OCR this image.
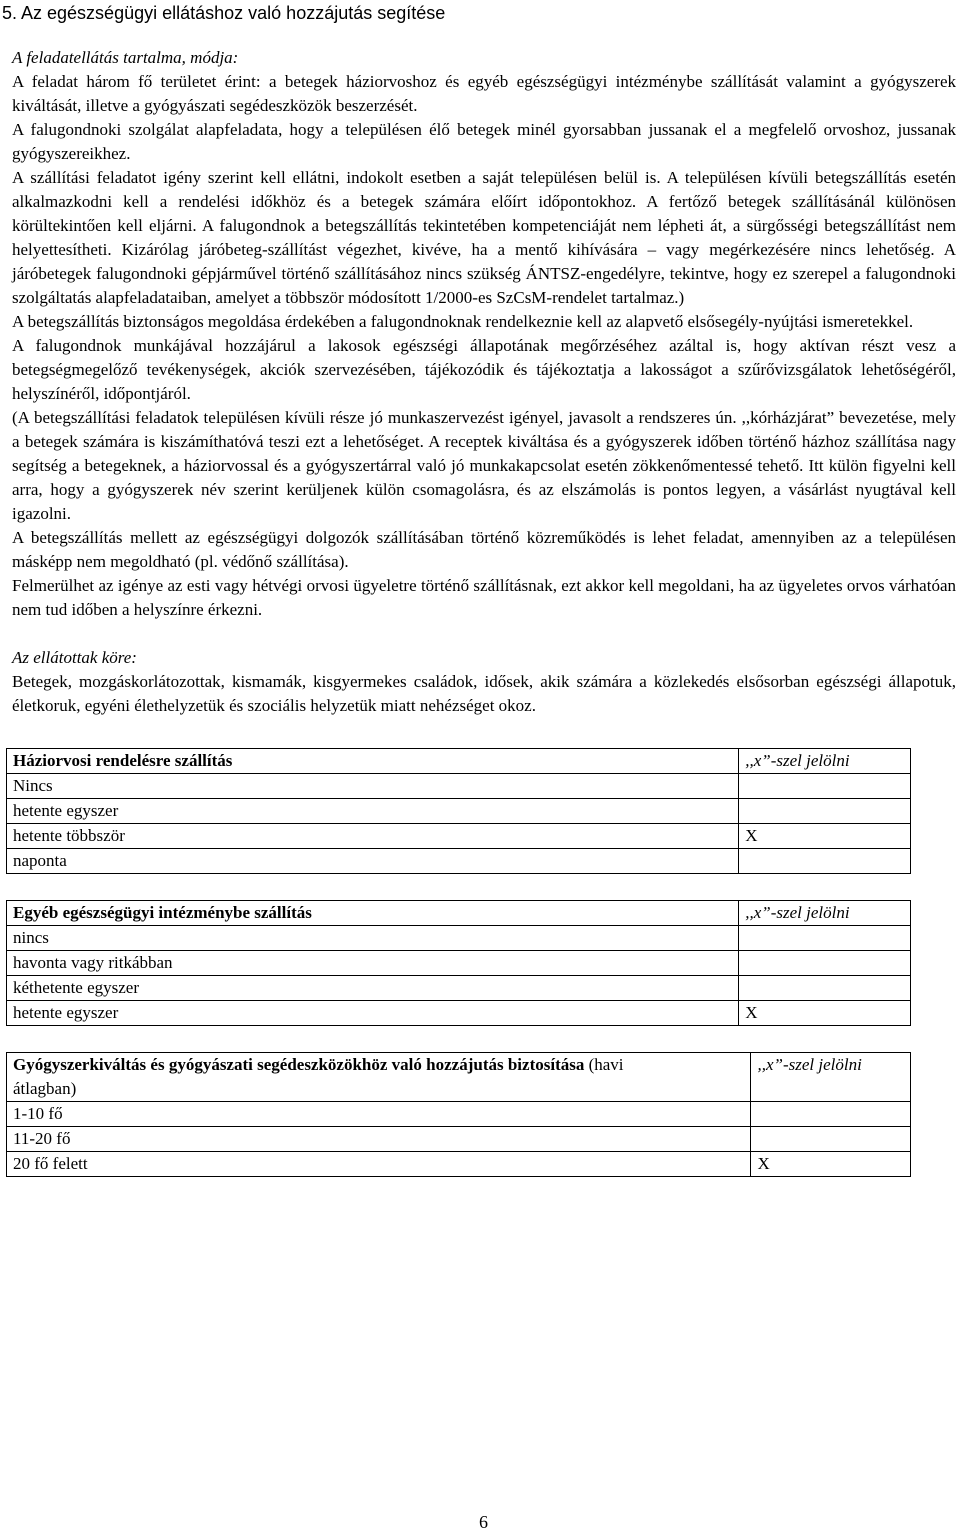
5. Az egészségügyi ellátáshoz való hozzájutás segítése
A feladatellátás tartalma, módja:

A feladat három fő területet érint: a betegek háziorvoshoz és egyéb egészségügyi intézménybe szállítását valamint a gyógyszerek kiváltását, illetve a gyógyászati segédeszközök beszerzését.

A falugondnoki szolgálat alapfeladata, hogy a településen élő betegek minél gyorsabban jussanak el a megfelelő orvoshoz, jussanak gyógyszereikhez.

A szállítási feladatot igény szerint kell ellátni, indokolt esetben a saját településen belül is. A településen kívüli betegszállítás esetén alkalmazkodni kell a rendelési időkhöz és a betegek számára előírt időpontokhoz. A fertőző betegek szállításánál különösen körültekintően kell eljárni. A falugondnok a betegszállítás tekintetében kompetenciáját nem lépheti át, a sürgősségi betegszállítást nem helyettesítheti. Kizárólag járóbeteg-szállítást végezhet, kivéve, ha a mentő kihívására – vagy megérkezésére nincs lehetőség. A járóbetegek falugondnoki gépjárművel történő szállításához nincs szükség ÁNTSZ-engedélyre, tekintve, hogy ez szerepel a falugondnoki szolgáltatás alapfeladataiban, amelyet a többször módosított 1/2000-es SzCsM-rendelet tartalmaz.)

A betegszállítás biztonságos megoldása érdekében a falugondnoknak rendelkeznie kell az alapvető elsősegély-nyújtási ismeretekkel.

A falugondnok munkájával hozzájárul a lakosok egészségi állapotának megőrzéséhez azáltal is, hogy aktívan részt vesz a betegségmegelőző tevékenységek, akciók szervezésében, tájékozódik és tájékoztatja a lakosságot a szűrővizsgálatok lehetőségéről, helyszínéről, időpontjáról.

(A betegszállítási feladatok településen kívüli része jó munkaszervezést igényel, javasolt a rendszeres ún. ,,kórházjárat” bevezetése, mely a betegek számára is kiszámíthatóvá teszi ezt a lehetőséget. A receptek kiváltása és a gyógyszerek időben történő házhoz szállítása nagy segítség a betegeknek, a háziorvossal és a gyógyszertárral való jó munkakapcsolat esetén zökkenőmentessé tehető. Itt külön figyelni kell arra, hogy a gyógyszerek név szerint kerüljenek külön csomagolásra, és az elszámolás is pontos legyen, a vásárlást nyugtával kell igazolni.

A betegszállítás mellett az egészségügyi dolgozók szállításában történő közreműködés is lehet feladat, amennyiben az a településen másképp nem megoldható (pl. védőnő szállítása).

Felmerülhet az igénye az esti vagy hétvégi orvosi ügyeletre történő szállításnak, ezt akkor kell megoldani, ha az ügyeletes orvos várhatóan nem tud időben a helyszínre érkezni.

Az ellátottak köre:

Betegek, mozgáskorlátozottak, kismamák, kisgyermekes családok, idősek, akik számára a közlekedés elsősorban egészségi állapotuk, életkoruk, egyéni élethelyzetük és szociális helyzetük miatt nehézséget okoz.

Háziorvosi rendelésre szállítás	,,x”-szel jelölni
Nincs	
hetente egyszer	
hetente többször	X
naponta	
Egyéb egészségügyi intézménybe szállítás	,,x”-szel jelölni
nincs	
havonta vagy ritkábban	
kéthetente egyszer	
hetente egyszer	X
Gyógyszerkiváltás és gyógyászati segédeszközökhöz való hozzájutás biztosítása (havi átlagban)	,,x”-szel jelölni
1-10 fő	
11-20 fő	
20 fő felett	X
6
